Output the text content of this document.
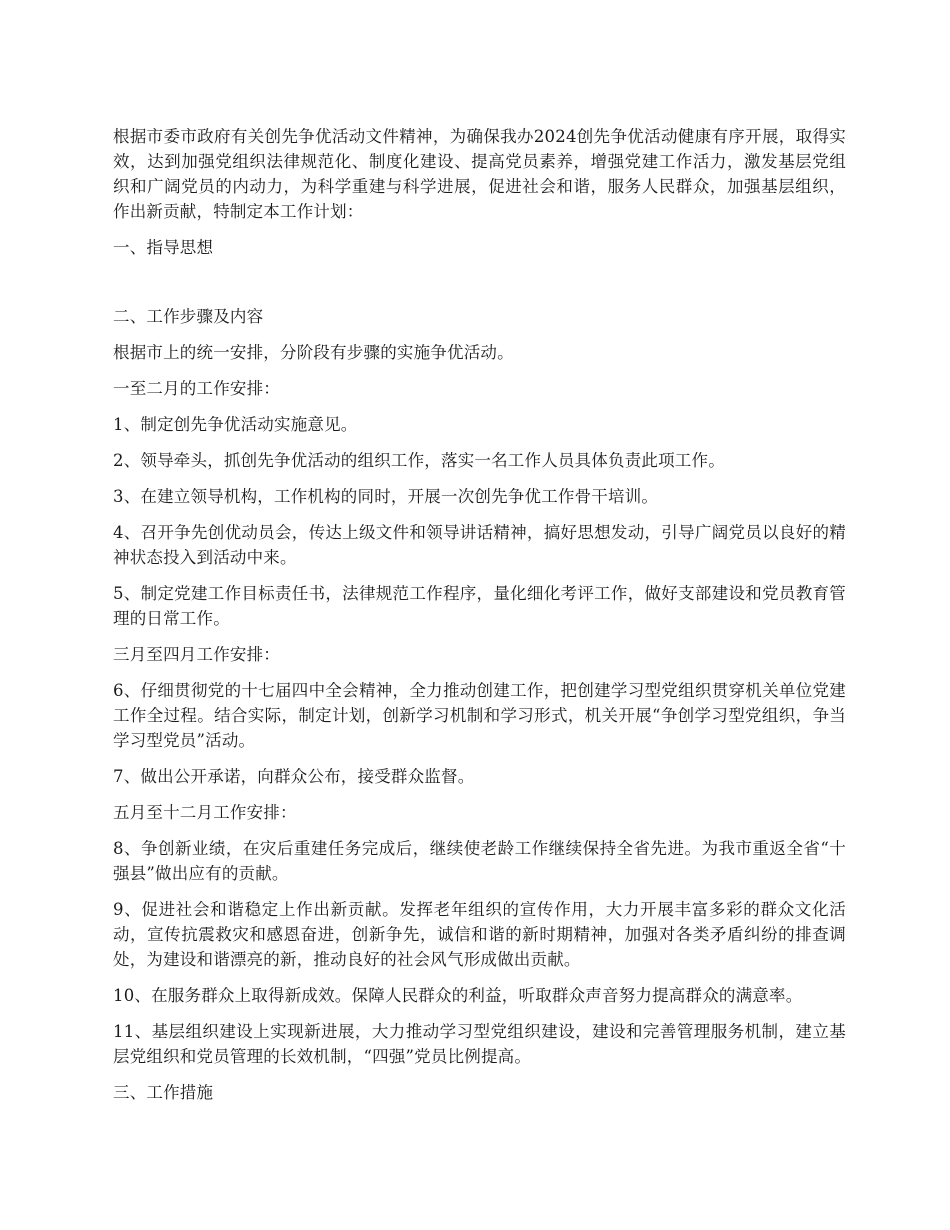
根据市委市政府有关创先争优活动文件精神，为确保我办2024创先争优活动健康有序开展，取得实效，达到加强党组织法律规范化、制度化建设、提高党员素养，增强党建工作活力，激发基层党组织和广阔党员的内动力，为科学重建与科学进展，促进社会和谐，服务人民群众，加强基层组织，作出新贡献，特制定本工作计划：

一、指导思想

二、工作步骤及内容

根据市上的统一安排，分阶段有步骤的实施争优活动。

一至二月的工作安排：

1、制定创先争优活动实施意见。

2、领导牵头，抓创先争优活动的组织工作，落实一名工作人员具体负责此项工作。

3、在建立领导机构，工作机构的同时，开展一次创先争优工作骨干培训。

4、召开争先创优动员会，传达上级文件和领导讲话精神，搞好思想发动，引导广阔党员以良好的精神状态投入到活动中来。

5、制定党建工作目标责任书，法律规范工作程序，量化细化考评工作，做好支部建设和党员教育管理的日常工作。

三月至四月工作安排：

6、仔细贯彻党的十七届四中全会精神，全力推动创建工作，把创建学习型党组织贯穿机关单位党建工作全过程。结合实际，制定计划，创新学习机制和学习形式，机关开展“争创学习型党组织，争当学习型党员”活动。

7、做出公开承诺，向群众公布，接受群众监督。

五月至十二月工作安排：

8、争创新业绩，在灾后重建任务完成后，继续使老龄工作继续保持全省先进。为我市重返全省“十强县”做出应有的贡献。

9、促进社会和谐稳定上作出新贡献。发挥老年组织的宣传作用，大力开展丰富多彩的群众文化活动，宣传抗震救灾和感恩奋进，创新争先，诚信和谐的新时期精神，加强对各类矛盾纠纷的排查调处，为建设和谐漂亮的新，推动良好的社会风气形成做出贡献。

10、在服务群众上取得新成效。保障人民群众的利益，听取群众声音努力提高群众的满意率。

11、基层组织建设上实现新进展，大力推动学习型党组织建设，建设和完善管理服务机制，建立基层党组织和党员管理的长效机制，“四强”党员比例提高。

三、工作措施
